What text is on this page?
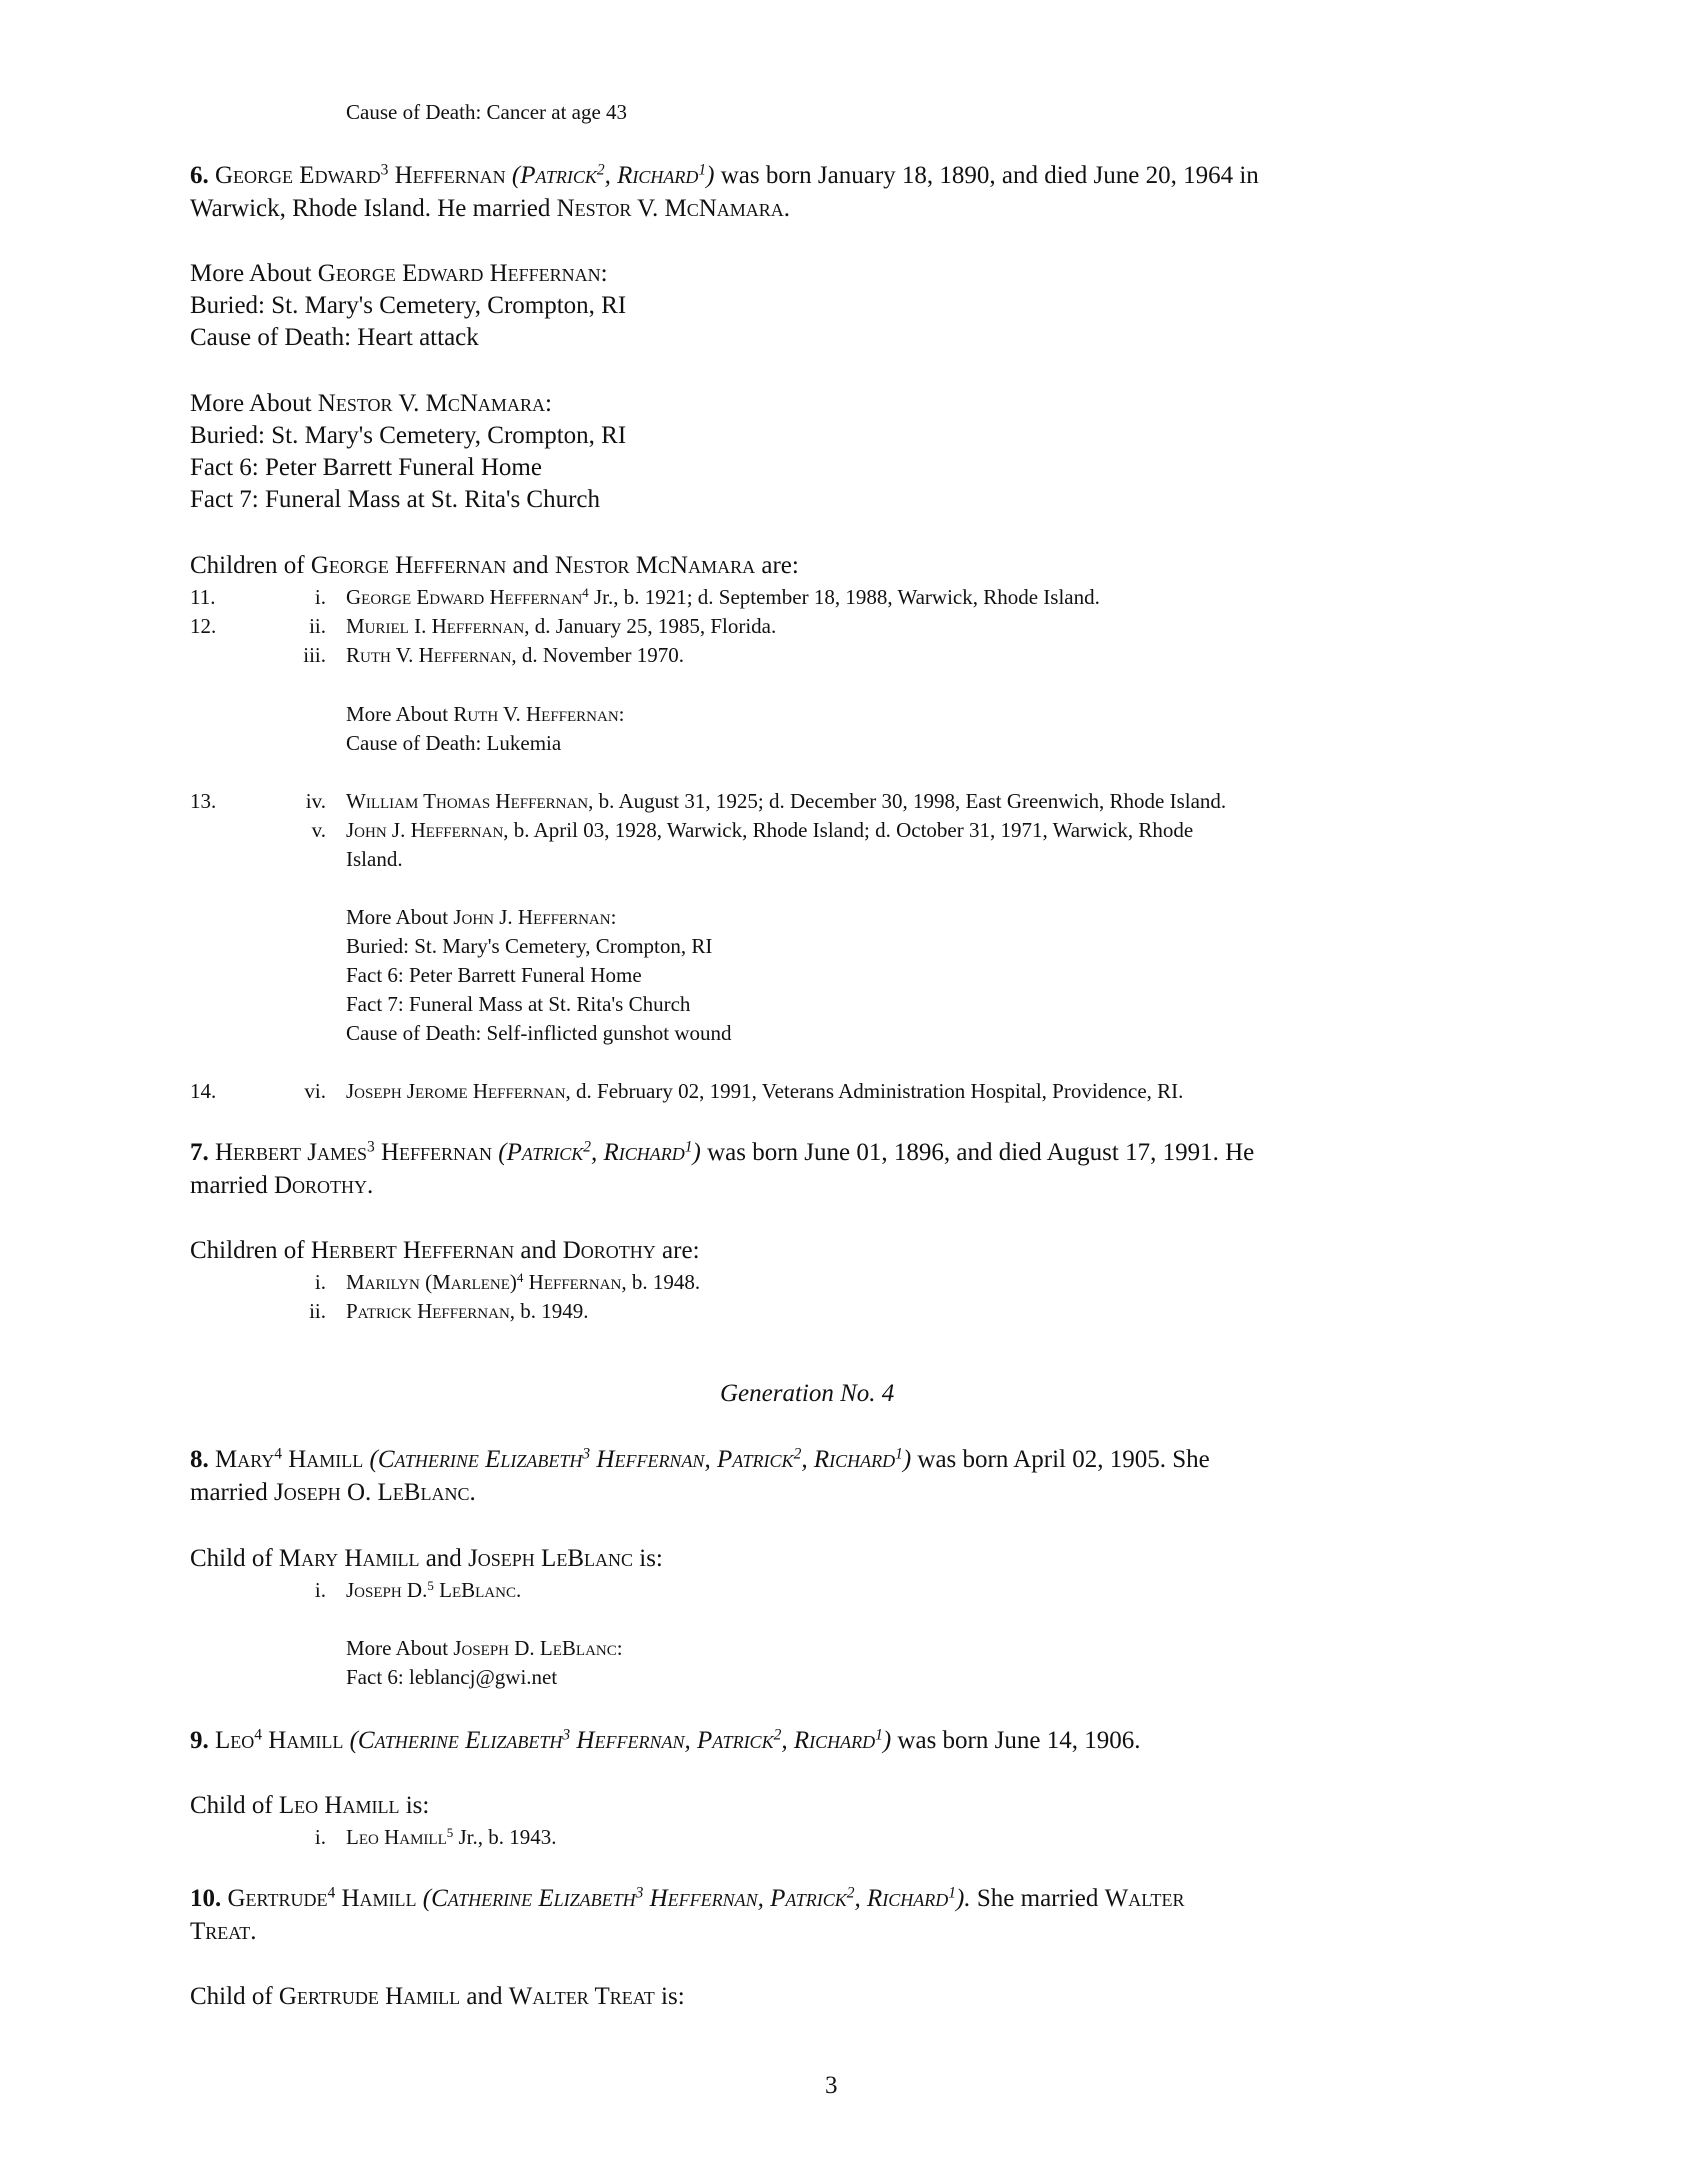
Cause of Death: Cancer at age 43
6. George Edward$^3$ Heffernan (Patrick$^2$, Richard$^1$) was born January 18, 1890, and died June 20, 1964 in
Warwick, Rhode Island. He married Nestor V. McNamara.
More About George Edward Heffernan:
Buried: St. Mary's Cemetery, Crompton, RI
Cause of Death: Heart attack
More About Nestor V. McNamara:
Buried: St. Mary's Cemetery, Crompton, RI
Fact 6: Peter Barrett Funeral Home
Fact 7: Funeral Mass at St. Rita's Church
Children of George Heffernan and Nestor McNamara are:
11.	i. George Edward Heffernan$^4$ Jr., b. 1921; d. September 18, 1988, Warwick, Rhode Island.
12.	ii. Muriel I. Heffernan, d. January 25, 1985, Florida.
iii. Ruth V. Heffernan, d. November 1970.
More About Ruth V. Heffernan:
Cause of Death: Lukemia
13.	iv. William Thomas Heffernan, b. August 31, 1925; d. December 30, 1998, East Greenwich, Rhode Island.
v. John J. Heffernan, b. April 03, 1928, Warwick, Rhode Island; d. October 31, 1971, Warwick, Rhode
Island.
More About John J. Heffernan:
Buried: St. Mary's Cemetery, Crompton, RI
Fact 6: Peter Barrett Funeral Home
Fact 7: Funeral Mass at St. Rita's Church
Cause of Death: Self-inflicted gunshot wound
14.	vi. Joseph Jerome Heffernan, d. February 02, 1991, Veterans Administration Hospital, Providence, RI.
7. Herbert James$^3$ Heffernan (Patrick$^2$, Richard$^1$) was born June 01, 1896, and died August 17, 1991. He
married Dorothy.
Children of Herbert Heffernan and Dorothy are:
i. Marilyn (Marlene)$^4$ Heffernan, b. 1948.
ii. Patrick Heffernan, b. 1949.
Generation No. 4
8. Mary$^4$ Hamill (Catherine Elizabeth$^3$ Heffernan, Patrick$^2$, Richard$^1$) was born April 02, 1905. She
married Joseph O. LeBlanc.
Child of Mary Hamill and Joseph LeBlanc is:
i. Joseph D.$^5$ LeBlanc.
More About Joseph D. LeBlanc:
Fact 6: leblancj@gwi.net
9. Leo$^4$ Hamill (Catherine Elizabeth$^3$ Heffernan, Patrick$^2$, Richard$^1$) was born June 14, 1906.
Child of Leo Hamill is:
i. Leo Hamill$^5$ Jr., b. 1943.
10. Gertrude$^4$ Hamill (Catherine Elizabeth$^3$ Heffernan, Patrick$^2$, Richard$^1$). She married Walter
Treat.
Child of Gertrude Hamill and Walter Treat is:
3
